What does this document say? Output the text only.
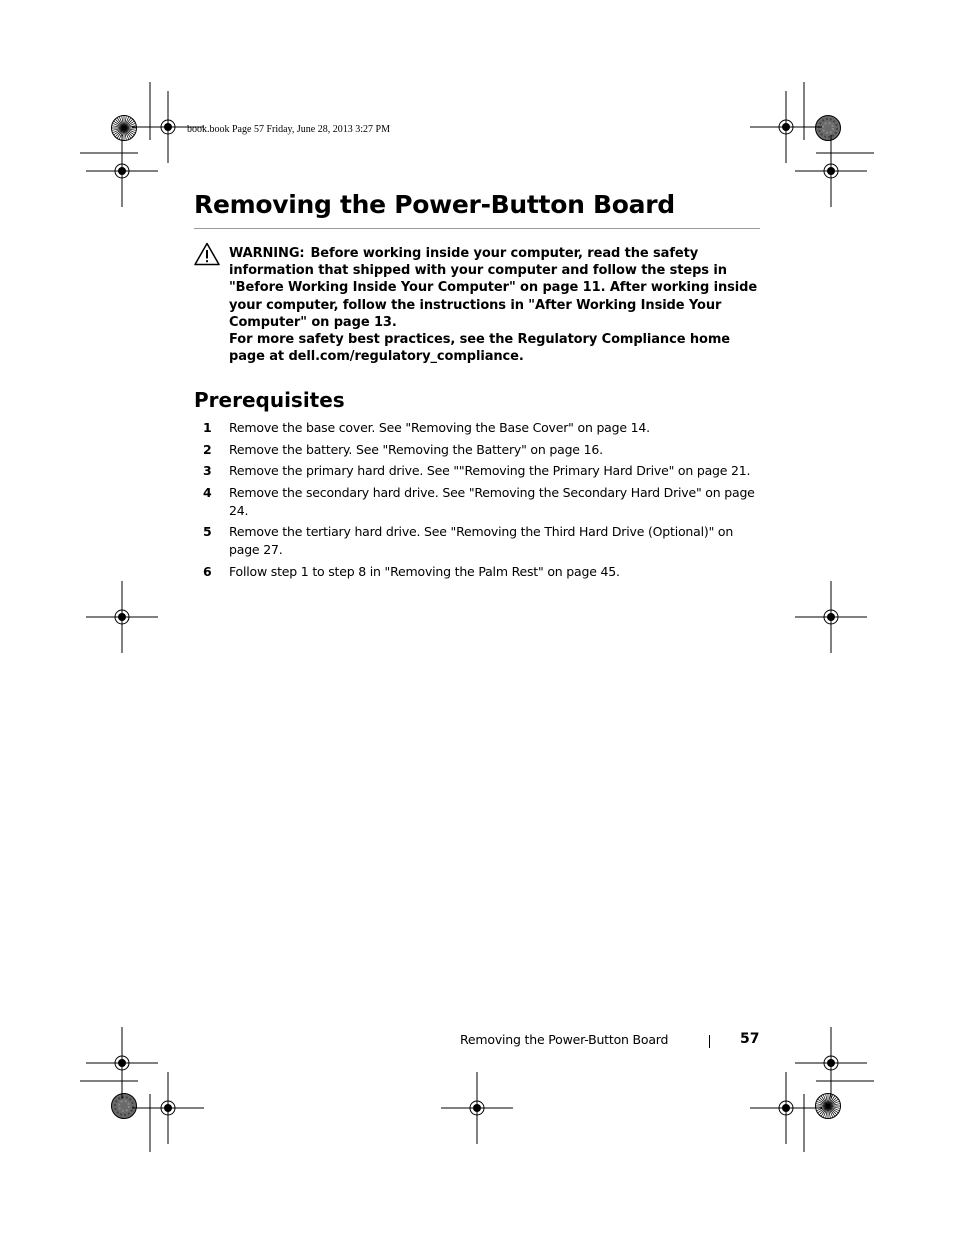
book.book Page 57 Friday, June 28, 2013 3:27 PM
Removing the Power-Button Board
WARNING: Before working inside your computer, read the safety information that shipped with your computer and follow the steps in "Before Working Inside Your Computer" on page 11. After working inside your computer, follow the instructions in "After Working Inside Your Computer" on page 13.
For more safety best practices, see the Regulatory Compliance home page at dell.com/regulatory_compliance.
Prerequisites
1	Remove the base cover. See "Removing the Base Cover" on page 14.
2	Remove the battery. See "Removing the Battery" on page 16.
3	Remove the primary hard drive. See ""Removing the Primary Hard Drive" on page 21.
4	Remove the secondary hard drive. See "Removing the Secondary Hard Drive" on page 24.
5	Remove the tertiary hard drive. See "Removing the Third Hard Drive (Optional)" on page 27.
6	Follow step 1 to step 8 in "Removing the Palm Rest" on page 45.
Removing the Power-Button Board	57
